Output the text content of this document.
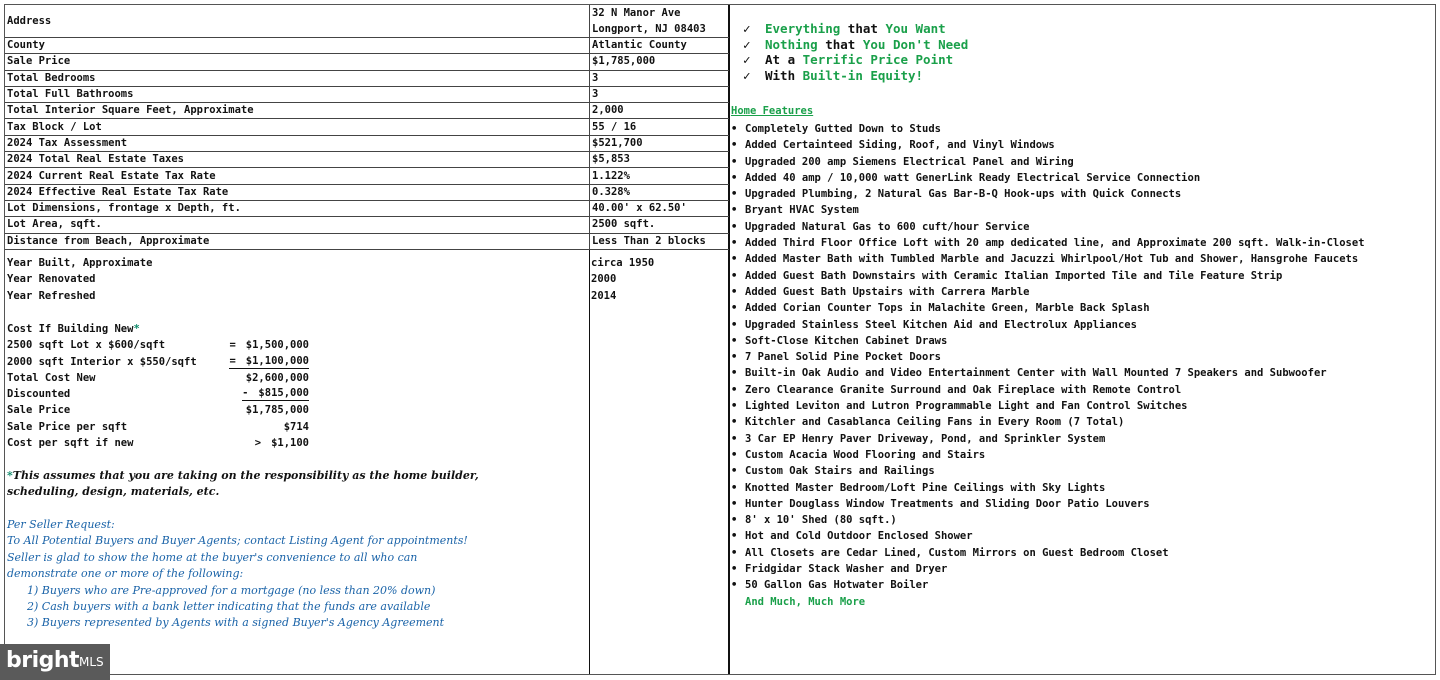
Address	32 N Manor Ave
Longport, NJ 08403

County	Atlantic County
Sale Price	$1,785,000
Total Bedrooms	3
Total Full Bathrooms	3
Total Interior Square Feet, Approximate	2,000
Tax Block / Lot	55 / 16
2024 Tax Assessment	$521,700
2024 Total Real Estate Taxes	$5,853
2024 Current Real Estate Tax Rate	1.122%
2024 Effective Real Estate Tax Rate	0.328%
Lot Dimensions, frontage x Depth, ft.	40.00' x 62.50'
Lot Area, sqft.	2500 sqft.
Distance from Beach, Approximate	Less Than 2 blocks
Year Built, Approximate	circa 1950
Year Renovated	2000
Year Refreshed	2014
Cost If Building New*
2500 sqft Lot x $600/sqft	= $1,500,000
2000 sqft Interior x $550/sqft	= $1,100,000
Total Cost New	$2,600,000
Discounted	- $815,000
Sale Price	$1,785,000
Sale Price per sqft	$714
Cost per sqft if new	> $1,100
*This assumes that you are taking on the responsibility as the home builder,
scheduling, design, materials, etc.
Per Seller Request:
To All Potential Buyers and Buyer Agents; contact Listing Agent for appointments!
Seller is glad to show the home at the buyer's convenience to all who can
demonstrate one or more of the following:
1) Buyers who are Pre-approved for a mortgage (no less than 20% down)
2) Cash buyers with a bank letter indicating that the funds are available
3) Buyers represented by Agents with a signed Buyer's Agency Agreement
✓ Everything that You Want
✓ Nothing that You Don't Need
✓ At a Terrific Price Point
✓ With Built-in Equity!
Home Features
• Completely Gutted Down to Studs
• Added Certainteed Siding, Roof, and Vinyl Windows
• Upgraded 200 amp Siemens Electrical Panel and Wiring
• Added 40 amp / 10,000 watt GenerLink Ready Electrical Service Connection
• Upgraded Plumbing, 2 Natural Gas Bar-B-Q Hook-ups with Quick Connects
• Bryant HVAC System
• Upgraded Natural Gas to 600 cuft/hour Service
• Added Third Floor Office Loft with 20 amp dedicated line, and Approximate 200 sqft. Walk-in-Closet
• Added Master Bath with Tumbled Marble and Jacuzzi Whirlpool/Hot Tub and Shower, Hansgrohe Faucets
• Added Guest Bath Downstairs with Ceramic Italian Imported Tile and Tile Feature Strip
• Added Guest Bath Upstairs with Carrera Marble
• Added Corian Counter Tops in Malachite Green, Marble Back Splash
• Upgraded Stainless Steel Kitchen Aid and Electrolux Appliances
• Soft-Close Kitchen Cabinet Draws
• 7 Panel Solid Pine Pocket Doors
• Built-in Oak Audio and Video Entertainment Center with Wall Mounted 7 Speakers and Subwoofer
• Zero Clearance Granite Surround and Oak Fireplace with Remote Control
• Lighted Leviton and Lutron Programmable Light and Fan Control Switches
• Kitchler and Casablanca Ceiling Fans in Every Room (7 Total)
• 3 Car EP Henry Paver Driveway, Pond, and Sprinkler System
• Custom Acacia Wood Flooring and Stairs
• Custom Oak Stairs and Railings
• Knotted Master Bedroom/Loft Pine Ceilings with Sky Lights
• Hunter Douglass Window Treatments and Sliding Door Patio Louvers
• 8' x 10' Shed (80 sqft.)
• Hot and Cold Outdoor Enclosed Shower
• All Closets are Cedar Lined, Custom Mirrors on Guest Bedroom Closet
• Fridgidar Stack Washer and Dryer
• 50 Gallon Gas Hotwater Boiler
And Much, Much More
bright MLS
